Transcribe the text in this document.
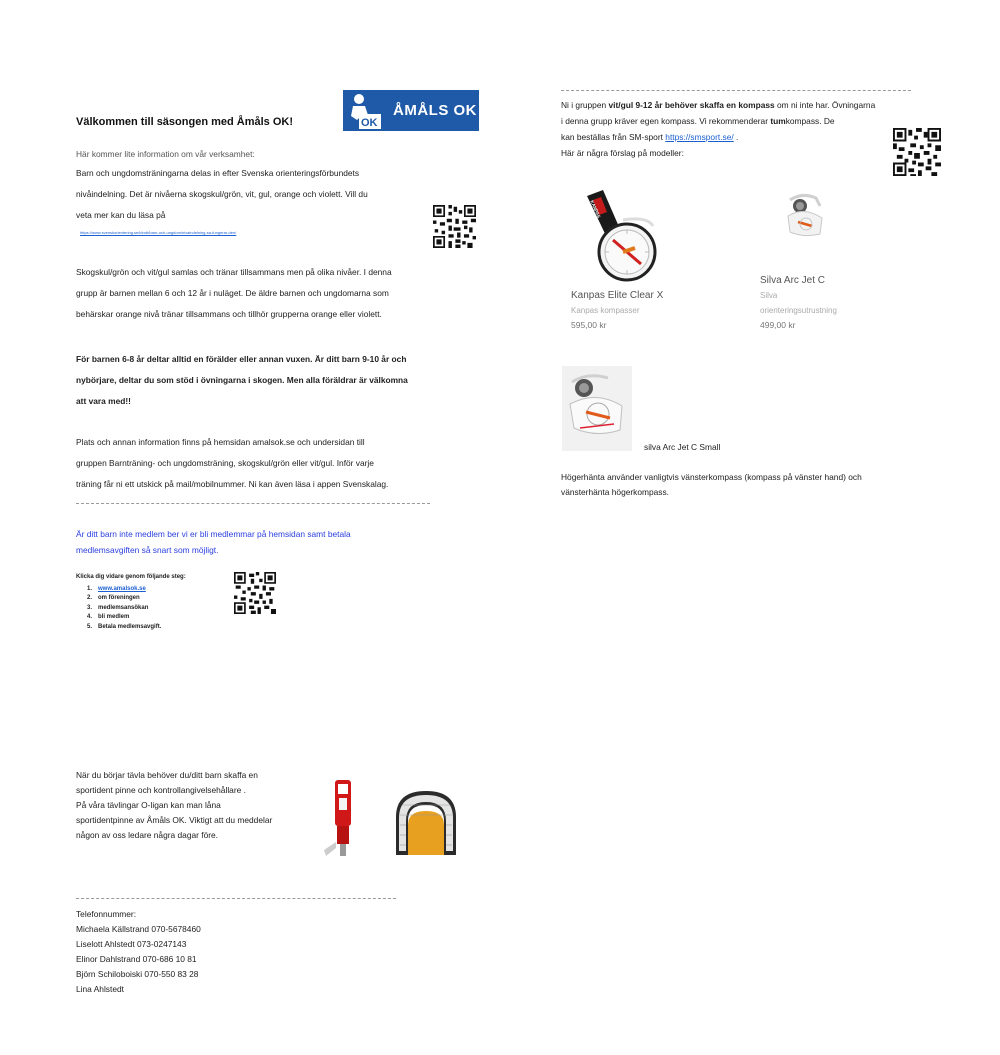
Välkommen till säsongen med Åmåls OK!	OK
ÅMÅLS OK
Här kommer lite information om vår verksamhet:
Barn och ungdomsträningarna delas in efter Svenska orienteringsförbundets
nivåindelning. Det är nivåerna skogskul/grön, vit, gul, orange och violett. Vill du
veta mer kan du läsa på
https://www.svenskorientering.se/idrott/barn-och-ungdom/nivaindelning-sa-fungerar-den/
Skogskul/grön och vit/gul samlas och tränar tillsammans men på olika nivåer. I denna
grupp är barnen mellan 6 och 12 år i nuläget. De äldre barnen och ungdomarna som
behärskar orange nivå tränar tillsammans och tillhör grupperna orange eller violett.
För barnen 6-8 år deltar alltid en förälder eller annan vuxen. Är ditt barn 9-10 år och
nybörjare, deltar du som stöd i övningarna i skogen. Men alla föräldrar är välkomna
att vara med!!
Plats och annan information finns på hemsidan amalsok.se och undersidan till
gruppen Barnträning- och ungdomsträning, skogskul/grön eller vit/gul. Inför varje
träning får ni ett utskick på mail/mobilnummer. Ni kan även läsa i appen Svenskalag.
Är ditt barn inte medlem ber vi er bli medlemmar på hemsidan samt betala
medlemsavgiften så snart som möjligt.
Klicka dig vidare genom följande steg:
1. www.amalsok.se
2. om föreningen
3. medlemsansökan
4. bli medlem
5. Betala medlemsavgift.
När du börjar tävla behöver du/ditt barn skaffa en
sportident pinne och kontrollangivelsehållare .
På våra tävlingar O-ligan kan man låna
sportidentpinne av Åmåls OK. Viktigt att du meddelar
någon av oss ledare några dagar före.
Telefonnummer:
Michaela Källstrand 070-5678460
Liselott Ahlstedt 073-0247143
Elinor Dahlstrand 070-686 10 81
Björn Schiloboiski 070-550 83 28
Lina Ahlstedt
Ni i gruppen vit/gul 9-12 år behöver skaffa en kompass om ni inte har. Övningarna
i denna grupp kräver egen kompass. Vi rekommenderar tumkompass. De
kan beställas från SM-sport https://smsport.se/ .
Här är några förslag på modeller:
KANPAS
Kanpas Elite Clear X
Kanpas kompasser
595,00 kr
Silva Arc Jet C
Silva
orienteringsutrustning
499,00 kr
silva Arc Jet C Small
Högerhänta använder vanligtvis vänsterkompass (kompass på vänster hand) och
vänsterhänta högerkompass.
